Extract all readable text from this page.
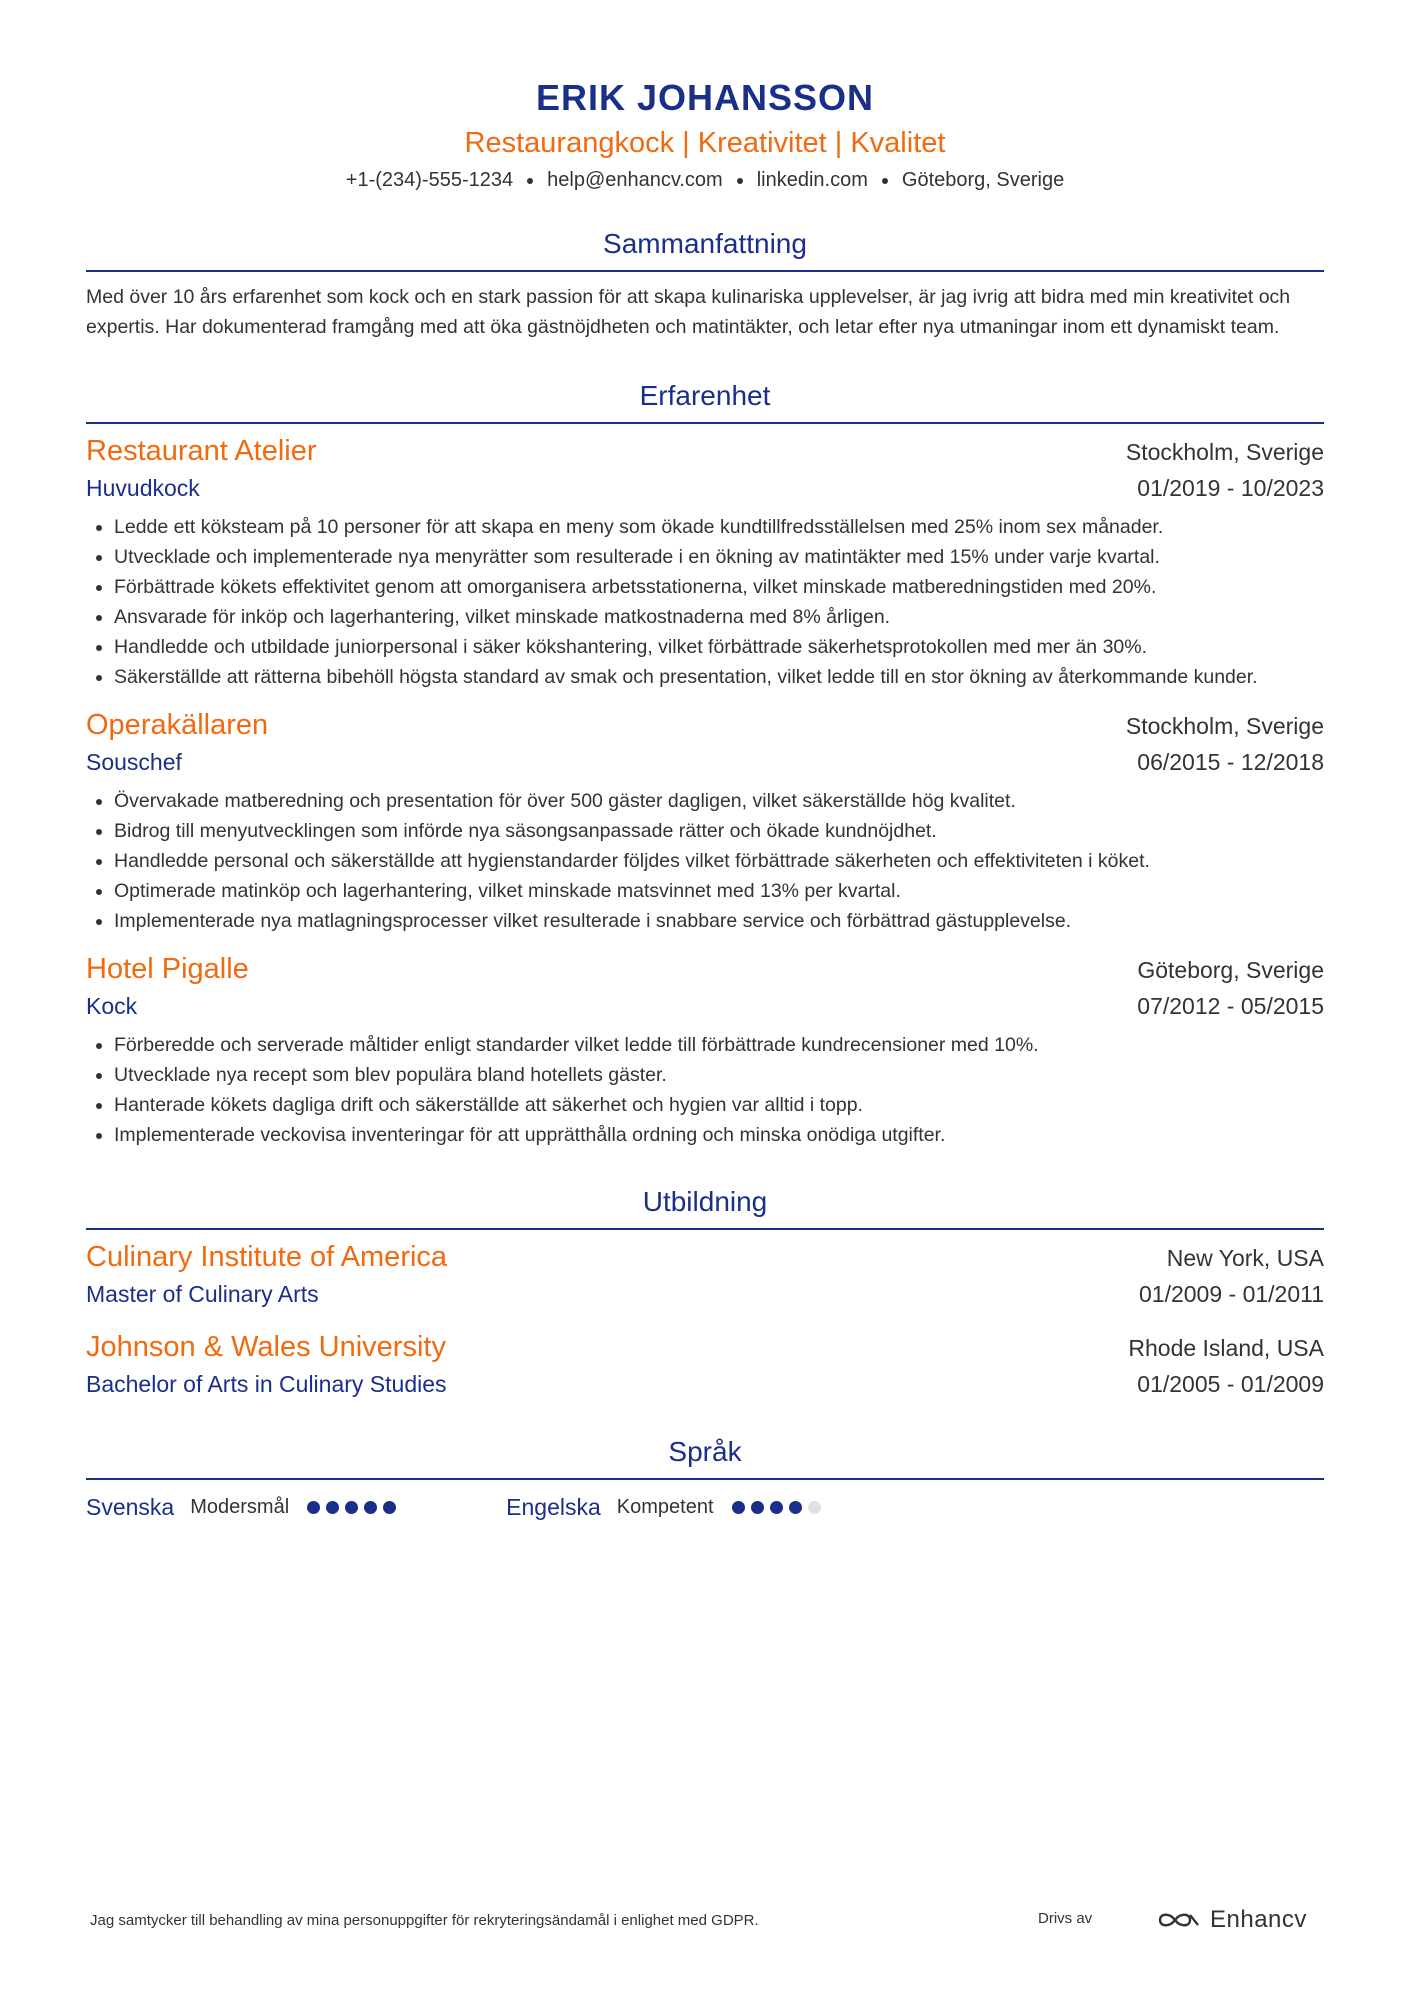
ERIK JOHANSSON
Restaurangkock | Kreativitet | Kvalitet
+1-(234)-555-1234 help@enhancv.com linkedin.com Göteborg, Sverige
Sammanfattning
Med över 10 års erfarenhet som kock och en stark passion för att skapa kulinariska upplevelser, är jag ivrig att bidra med min kreativitet och expertis. Har dokumenterad framgång med att öka gästnöjdheten och matintäkter, och letar efter nya utmaningar inom ett dynamiskt team.
Erfarenhet
Restaurant Atelier	Stockholm, Sverige
Huvudkock	01/2019 - 10/2023
Ledde ett köksteam på 10 personer för att skapa en meny som ökade kundtillfredsställelsen med 25% inom sex månader.
Utvecklade och implementerade nya menyrätter som resulterade i en ökning av matintäkter med 15% under varje kvartal.
Förbättrade kökets effektivitet genom att omorganisera arbetsstationerna, vilket minskade matberedningstiden med 20%.
Ansvarade för inköp och lagerhantering, vilket minskade matkostnaderna med 8% årligen.
Handledde och utbildade juniorpersonal i säker kökshantering, vilket förbättrade säkerhetsprotokollen med mer än 30%.
Säkerställde att rätterna bibehöll högsta standard av smak och presentation, vilket ledde till en stor ökning av återkommande kunder.
Operakällaren	Stockholm, Sverige
Souschef	06/2015 - 12/2018
Övervakade matberedning och presentation för över 500 gäster dagligen, vilket säkerställde hög kvalitet.
Bidrog till menyutvecklingen som införde nya säsongsanpassade rätter och ökade kundnöjdhet.
Handledde personal och säkerställde att hygienstandarder följdes vilket förbättrade säkerheten och effektiviteten i köket.
Optimerade matinköp och lagerhantering, vilket minskade matsvinnet med 13% per kvartal.
Implementerade nya matlagningsprocesser vilket resulterade i snabbare service och förbättrad gästupplevelse.
Hotel Pigalle	Göteborg, Sverige
Kock	07/2012 - 05/2015
Förberedde och serverade måltider enligt standarder vilket ledde till förbättrade kundrecensioner med 10%.
Utvecklade nya recept som blev populära bland hotellets gäster.
Hanterade kökets dagliga drift och säkerställde att säkerhet och hygien var alltid i topp.
Implementerade veckovisa inventeringar för att upprätthålla ordning och minska onödiga utgifter.
Utbildning
Culinary Institute of America	New York, USA
Master of Culinary Arts	01/2009 - 01/2011
Johnson & Wales University	Rhode Island, USA
Bachelor of Arts in Culinary Studies	01/2005 - 01/2009
Språk
Svenska Modersmål	Engelska Kompetent
Jag samtycker till behandling av mina personuppgifter för rekryteringsändamål i enlighet med GDPR.	Drivs av	Enhancv
